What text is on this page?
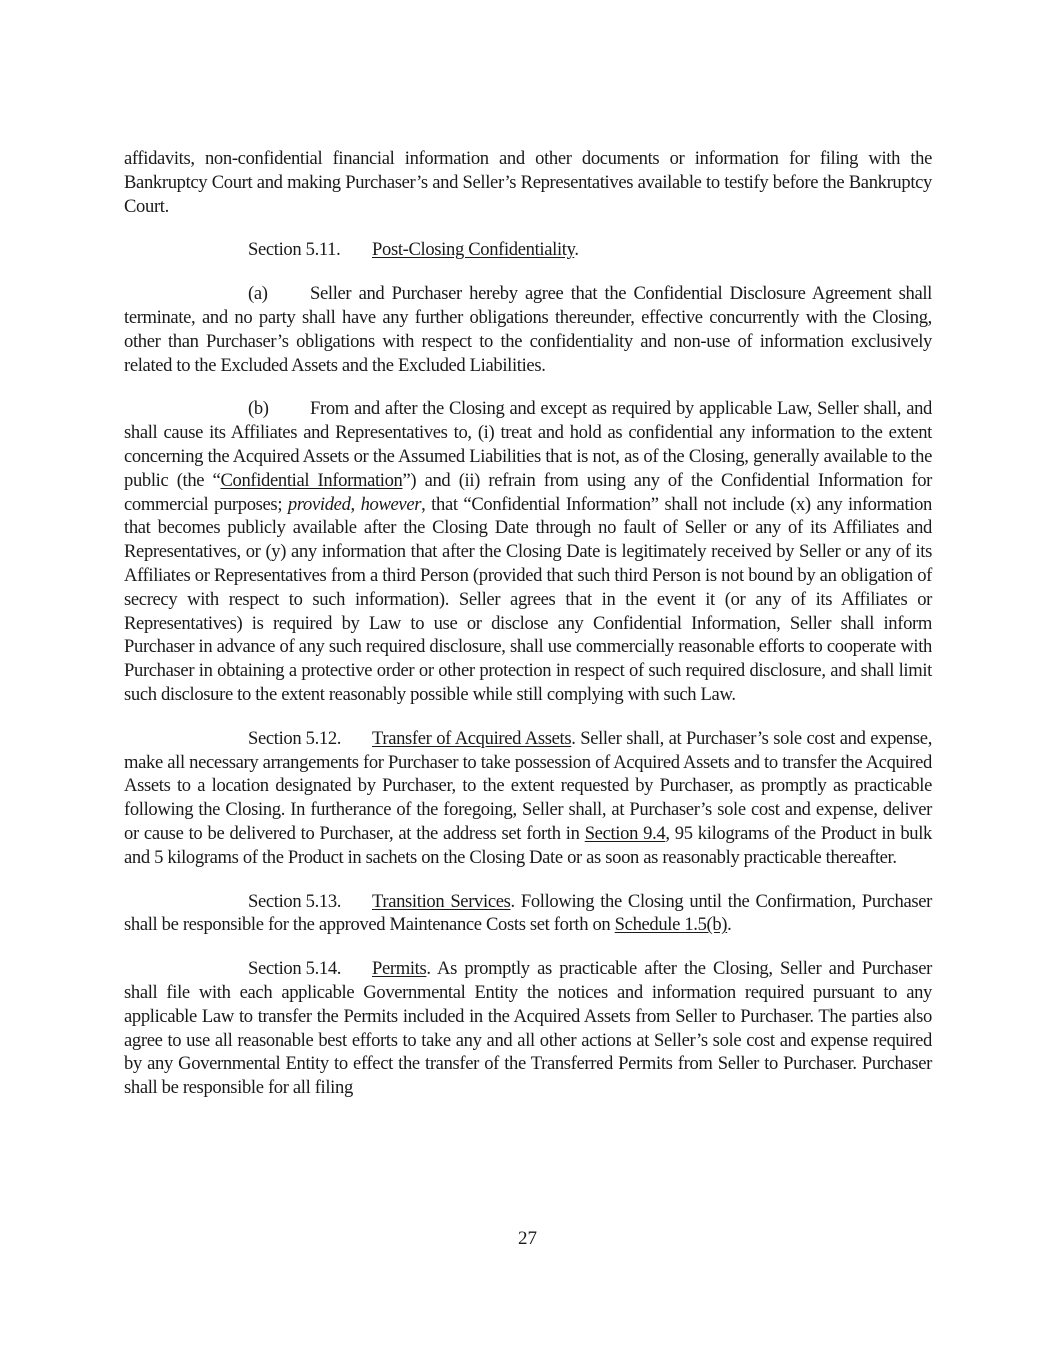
affidavits, non-confidential financial information and other documents or information for filing with the Bankruptcy Court and making Purchaser’s and Seller’s Representatives available to testify before the Bankruptcy Court.

Section 5.11. Post-Closing Confidentiality.

(a) Seller and Purchaser hereby agree that the Confidential Disclosure Agreement shall terminate, and no party shall have any further obligations thereunder, effective concurrently with the Closing, other than Purchaser’s obligations with respect to the confidentiality and non-use of information exclusively related to the Excluded Assets and the Excluded Liabilities.

(b) From and after the Closing and except as required by applicable Law, Seller shall, and shall cause its Affiliates and Representatives to, (i) treat and hold as confidential any information to the extent concerning the Acquired Assets or the Assumed Liabilities that is not, as of the Closing, generally available to the public (the “Confidential Information”) and (ii) refrain from using any of the Confidential Information for commercial purposes; provided, however, that “Confidential Information” shall not include (x) any information that becomes publicly available after the Closing Date through no fault of Seller or any of its Affiliates and Representatives, or (y) any information that after the Closing Date is legitimately received by Seller or any of its Affiliates or Representatives from a third Person (provided that such third Person is not bound by an obligation of secrecy with respect to such information). Seller agrees that in the event it (or any of its Affiliates or Representatives) is required by Law to use or disclose any Confidential Information, Seller shall inform Purchaser in advance of any such required disclosure, shall use commercially reasonable efforts to cooperate with Purchaser in obtaining a protective order or other protection in respect of such required disclosure, and shall limit such disclosure to the extent reasonably possible while still complying with such Law.

Section 5.12. Transfer of Acquired Assets. Seller shall, at Purchaser’s sole cost and expense, make all necessary arrangements for Purchaser to take possession of Acquired Assets and to transfer the Acquired Assets to a location designated by Purchaser, to the extent requested by Purchaser, as promptly as practicable following the Closing. In furtherance of the foregoing, Seller shall, at Purchaser’s sole cost and expense, deliver or cause to be delivered to Purchaser, at the address set forth in Section 9.4, 95 kilograms of the Product in bulk and 5 kilograms of the Product in sachets on the Closing Date or as soon as reasonably practicable thereafter.

Section 5.13. Transition Services. Following the Closing until the Confirmation, Purchaser shall be responsible for the approved Maintenance Costs set forth on Schedule 1.5(b).

Section 5.14. Permits. As promptly as practicable after the Closing, Seller and Purchaser shall file with each applicable Governmental Entity the notices and information required pursuant to any applicable Law to transfer the Permits included in the Acquired Assets from Seller to Purchaser. The parties also agree to use all reasonable best efforts to take any and all other actions at Seller’s sole cost and expense required by any Governmental Entity to effect the transfer of the Transferred Permits from Seller to Purchaser. Purchaser shall be responsible for all filing

27
